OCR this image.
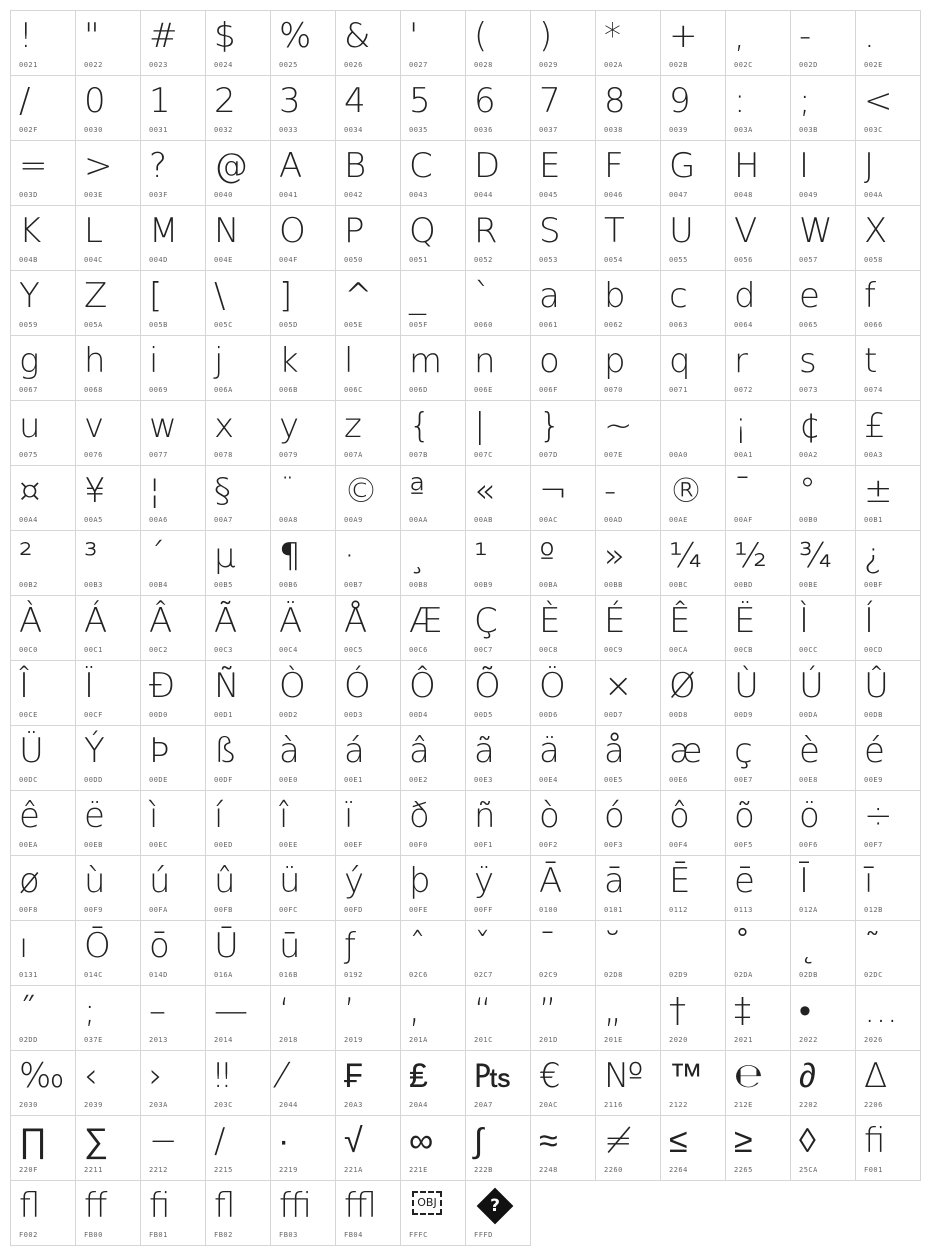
!
0021
"
0022
#
0023
$
0024
%
0025
&
0026
'
0027
(
0028
)
0029
*
002A
+
002B
,
002C
-
002D
.
002E
/
002F
0
0030
1
0031
2
0032
3
0033
4
0034
5
0035
6
0036
7
0037
8
0038
9
0039
:
003A
;
003B
<
003C
=
003D
>
003E
?
003F
@
0040
A
0041
B
0042
C
0043
D
0044
E
0045
F
0046
G
0047
H
0048
I
0049
J
004A
K
004B
L
004C
M
004D
N
004E
O
004F
P
0050
Q
0051
R
0052
S
0053
T
0054
U
0055
V
0056
W
0057
X
0058
Y
0059
Z
005A
[
005B
\
005C
]
005D
^
005E
_
005F
`
0060
a
0061
b
0062
c
0063
d
0064
e
0065
f
0066
g
0067
h
0068
i
0069
j
006A
k
006B
l
006C
m
006D
n
006E
o
006F
p
0070
q
0071
r
0072
s
0073
t
0074
u
0075
v
0076
w
0077
x
0078
y
0079
z
007A
{
007B
|
007C
}
007D
~
007E	00A0
¡
00A1
¢
00A2
£
00A3
¤
00A4
¥
00A5
¦
00A6
§
00A7
¨
00A8
©
00A9
ª
00AA
«
00AB
¬
00AC
-
00AD
®
00AE
¯
00AF
°
00B0
±
00B1
²
00B2
³
00B3
´
00B4
µ
00B5
¶
00B6
·
00B7
¸
00B8
¹
00B9
º
00BA
»
00BB
¼
00BC
½
00BD
¾
00BE
¿
00BF
À
00C0
Á
00C1
Â
00C2
Ã
00C3
Ä
00C4
Å
00C5
Æ
00C6
Ç
00C7
È
00C8
É
00C9
Ê
00CA
Ë
00CB
Ì
00CC
Í
00CD
Î
00CE
Ï
00CF
Đ
00D0
Ñ
00D1
Ò
00D2
Ó
00D3
Ô
00D4
Õ
00D5
Ö
00D6
×
00D7
Ø
00D8
Ù
00D9
Ú
00DA
Û
00DB
Ü
00DC
Ý
00DD
Þ
00DE
ß
00DF
à
00E0
á
00E1
â
00E2
ã
00E3
ä
00E4
å
00E5
æ
00E6
ç
00E7
è
00E8
é
00E9
ê
00EA
ë
00EB
ì
00EC
í
00ED
î
00EE
ï
00EF
ð
00F0
ñ
00F1
ò
00F2
ó
00F3
ô
00F4
õ
00F5
ö
00F6
÷
00F7
ø
00F8
ù
00F9
ú
00FA
û
00FB
ü
00FC
ý
00FD
þ
00FE
ÿ
00FF
Ā
0100
ā
0101
Ē
0112
ē
0113
Ī
012A
ī
012B
ı
0131
Ō
014C
ō
014D
Ū
016A
ū
016B
ƒ
0192
ˆ
02C6
ˇ
02C7
ˉ
02C9
˘
02D8	02D9
˚
02DA
˛
02DB
˜
02DC
˝
02DD
;
037E
–
2013
—
2014
‘
2018
’
2019
‚
201A
“
201C
”
201D
„
201E
†
2020
‡
2021
•
2022
…
2026
‰
2030
‹
2039
›
203A
‼
203C
⁄
2044
₣
20A3
₤
20A4
₧
20A7
€
20AC
№
2116
™
2122
℮
212E
∂
2202
∆
2206
∏
220F
∑
2211
−
2212
∕
2215
∙
2219
√
221A
∞
221E
∫
222B
≈
2248
≠
2260
≤
2264
≥
2265
◊
25CA
fi
F001
fl
F002
ff
FB00
fi
FB01
fl
FB02
ffi
FB03
ffl
FB04
OBJ
FFFC
?
FFFD
